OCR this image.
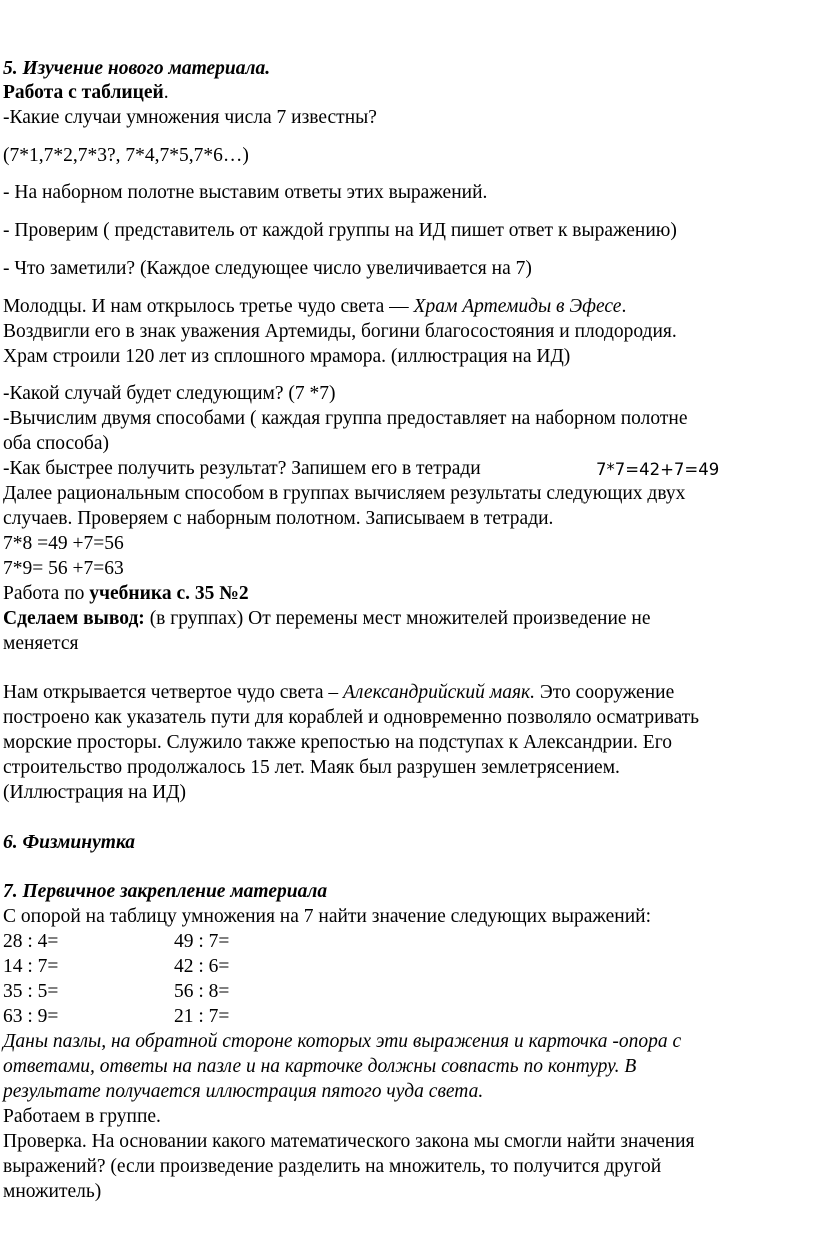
5. Изучение нового материала.

Работа с таблицей.

-Какие случаи умножения числа 7 известны?

(7*1,7*2,7*3?, 7*4,7*5,7*6…)

- На наборном полотне выставим ответы этих выражений.

- Проверим ( представитель от каждой группы на ИД пишет ответ к выражению)

- Что заметили? (Каждое следующее число увеличивается на 7)

Молодцы. И нам открылось третье чудо света — Храм Артемиды в Эфесе.

Воздвигли его в знак уважения Артемиды, богини благосостояния и плодородия.

Храм строили 120 лет из сплошного мрамора. (иллюстрация на ИД)

-Какой случай будет следующим? (7 *7)

-Вычислим двумя способами ( каждая группа предоставляет на наборном полотне

оба способа)

-Как быстрее получить результат? Запишем его в тетради	7*7=42+7=49

Далее рациональным способом в группах вычисляем результаты следующих двух

случаев. Проверяем с наборным полотном. Записываем в тетради.

7*8 =49 +7=56

7*9= 56 +7=63

Работа по учебника с. 35 №2

Сделаем вывод: (в группах) От перемены мест множителей произведение не

меняется

Нам открывается четвертое чудо света – Александрийский маяк. Это сооружение

построено как указатель пути для кораблей и одновременно позволяло осматривать

морские просторы. Служило также крепостью на подступах к Александрии. Его

строительство продолжалось 15 лет. Маяк был разрушен землетрясением.

(Иллюстрация на ИД)

6. Физминутка

7. Первичное закрепление материала

С опорой на таблицу умножения на 7 найти значение следующих выражений:

28 : 4=	49 : 7=

14 : 7=	42 : 6=

35 : 5=	56 : 8=

63 : 9=	21 : 7=

Даны пазлы, на обратной стороне которых эти выражения и карточка -опора с

ответами, ответы на пазле и на карточке должны совпасть по контуру. В

результате получается иллюстрация пятого чуда света.

Работаем в группе.

Проверка. На основании какого математического закона мы смогли найти значения

выражений? (если произведение разделить на множитель, то получится другой

множитель)
